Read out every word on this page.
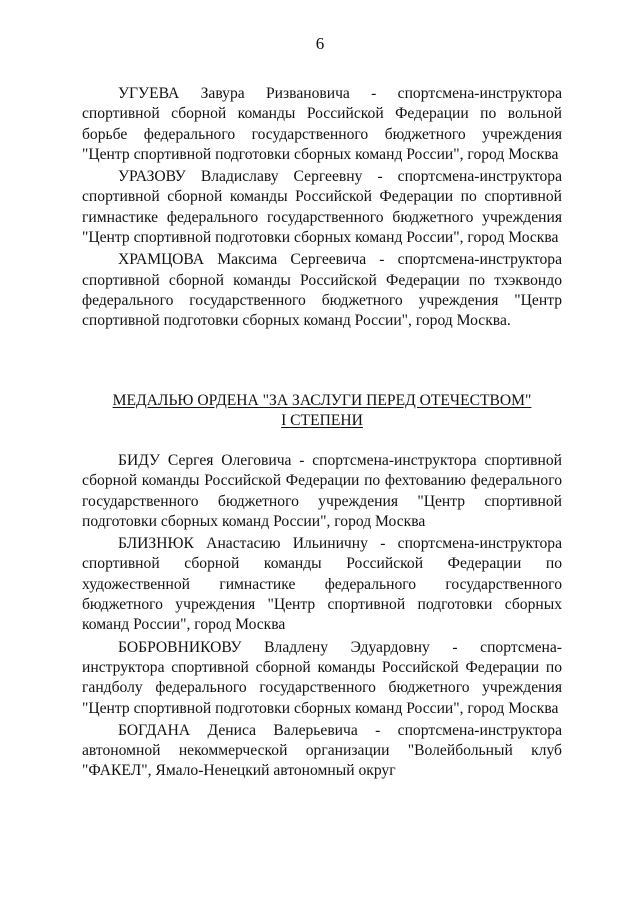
6

УГУЕВА Завура Ризвановича - спортсмена-инструктора спортивной сборной команды Российской Федерации по вольной борьбе федерального государственного бюджетного учреждения "Центр спортивной подготовки сборных команд России", город Москва

УРАЗОВУ Владиславу Сергеевну - спортсмена-инструктора спортивной сборной команды Российской Федерации по спортивной гимнастике федерального государственного бюджетного учреждения "Центр спортивной подготовки сборных команд России", город Москва

ХРАМЦОВА Максима Сергеевича - спортсмена-инструктора спортивной сборной команды Российской Федерации по тхэквондо федерального государственного бюджетного учреждения "Центр спортивной подготовки сборных команд России", город Москва.

МЕДАЛЬЮ ОРДЕНА "ЗА ЗАСЛУГИ ПЕРЕД ОТЕЧЕСТВОМ"
I СТЕПЕНИ

БИДУ Сергея Олеговича - спортсмена-инструктора спортивной сборной команды Российской Федерации по фехтованию федерального государственного бюджетного учреждения "Центр спортивной подготовки сборных команд России", город Москва

БЛИЗНЮК Анастасию Ильиничну - спортсмена-инструктора спортивной сборной команды Российской Федерации по художественной гимнастике федерального государственного бюджетного учреждения "Центр спортивной подготовки сборных команд России", город Москва

БОБРОВНИКОВУ Владлену Эдуардовну - спортсмена-инструктора спортивной сборной команды Российской Федерации по гандболу федерального государственного бюджетного учреждения "Центр спортивной подготовки сборных команд России", город Москва

БОГДАНА Дениса Валерьевича - спортсмена-инструктора автономной некоммерческой организации "Волейбольный клуб "ФАКЕЛ", Ямало-Ненецкий автономный округ
